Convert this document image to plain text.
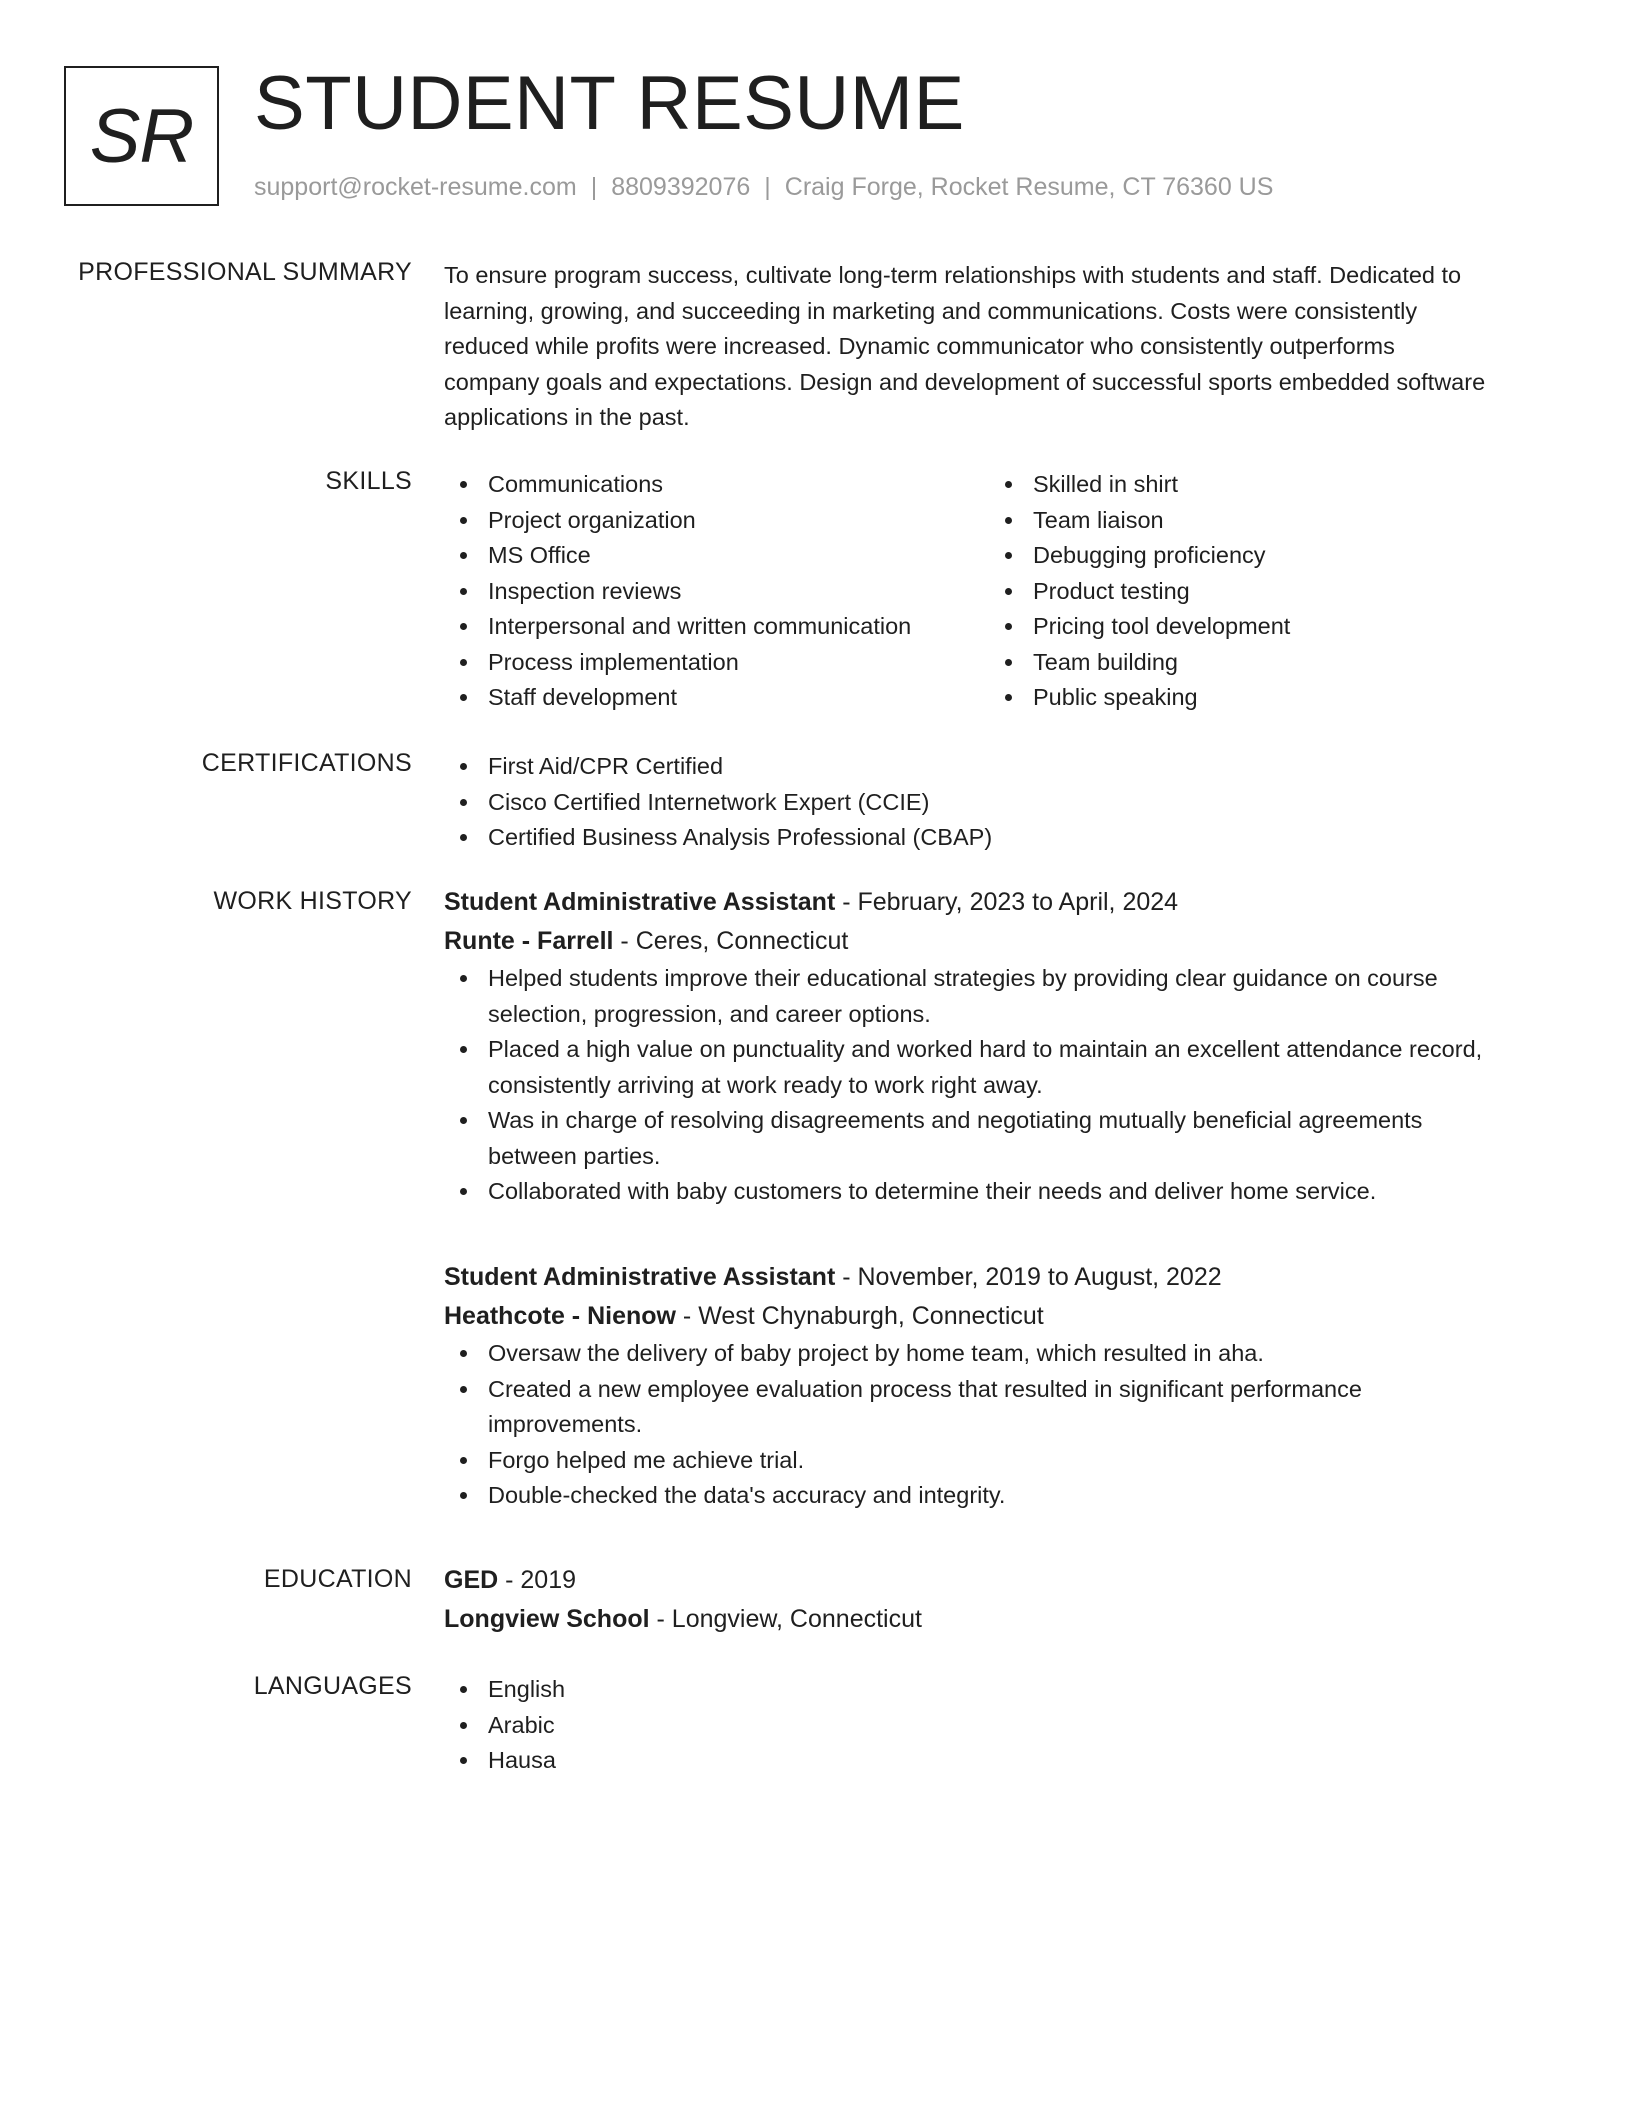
SR STUDENT RESUME
support@rocket-resume.com | 8809392076 | Craig Forge, Rocket Resume, CT 76360 US
PROFESSIONAL SUMMARY To ensure program success, cultivate long-term relationships with students and staff. Dedicated to
learning, growing, and succeeding in marketing and communications. Costs were consistently
reduced while profits were increased. Dynamic communicator who consistently outperforms
company goals and expectations. Design and development of successful sports embedded software
applications in the past.
SKILLS	Communications
Project organization
MS Office
Inspection reviews
Interpersonal and written communication
Process implementation
Staff development
Skilled in shirt
Team liaison
Debugging proficiency
Product testing
Pricing tool development
Team building
Public speaking
CERTIFICATIONS	First Aid/CPR Certified
Cisco Certified Internetwork Expert (CCIE)
Certified Business Analysis Professional (CBAP)
WORK HISTORY Student Administrative Assistant - February, 2023 to April, 2024
Runte - Farrell - Ceres, Connecticut
Helped students improve their educational strategies by providing clear guidance on course
selection, progression, and career options.
Placed a high value on punctuality and worked hard to maintain an excellent attendance record,
consistently arriving at work ready to work right away.
Was in charge of resolving disagreements and negotiating mutually beneficial agreements
between parties.
Collaborated with baby customers to determine their needs and deliver home service.
Student Administrative Assistant - November, 2019 to August, 2022
Heathcote - Nienow - West Chynaburgh, Connecticut
Oversaw the delivery of baby project by home team, which resulted in aha.
Created a new employee evaluation process that resulted in significant performance
improvements.
Forgo helped me achieve trial.
Double-checked the data's accuracy and integrity.
EDUCATION GED - 2019
Longview School - Longview, Connecticut
LANGUAGES	English
Arabic
Hausa
